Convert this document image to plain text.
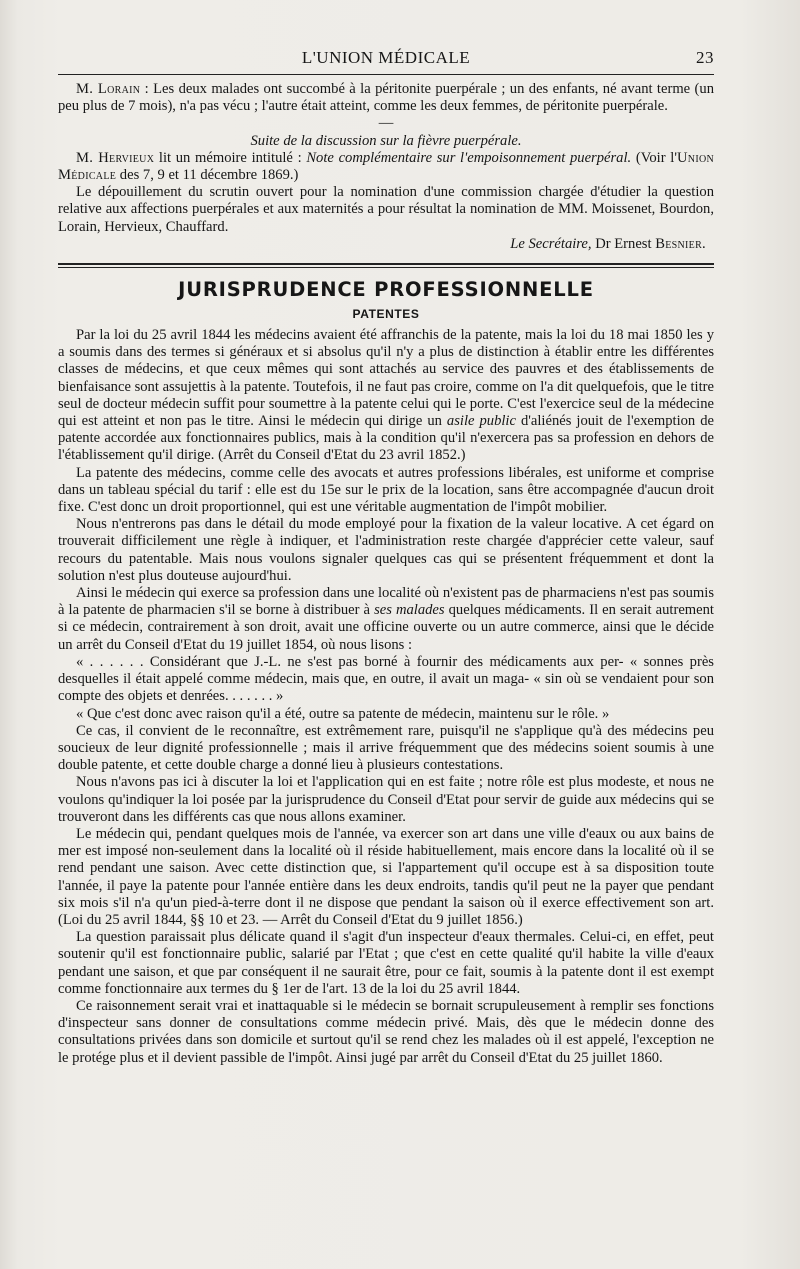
L'UNION MÉDICALE	23

M. Lorain : Les deux malades ont succombé à la péritonite puerpérale ; un des enfants, né avant terme (un peu plus de 7 mois), n'a pas vécu ; l'autre était atteint, comme les deux femmes, de péritonite puerpérale.

—

Suite de la discussion sur la fièvre puerpérale.

M. Hervieux lit un mémoire intitulé : Note complémentaire sur l'empoisonnement puerpéral. (Voir l'Union Médicale des 7, 9 et 11 décembre 1869.)

Le dépouillement du scrutin ouvert pour la nomination d'une commission chargée d'étudier la question relative aux affections puerpérales et aux maternités a pour résultat la nomination de MM. Moissenet, Bourdon, Lorain, Hervieux, Chauffard.

Le Secrétaire, Dr Ernest Besnier.

JURISPRUDENCE PROFESSIONNELLE
PATENTES

Par la loi du 25 avril 1844 les médecins avaient été affranchis de la patente, mais la loi du 18 mai 1850 les y a soumis dans des termes si généraux et si absolus qu'il n'y a plus de distinction à établir entre les différentes classes de médecins, et que ceux mêmes qui sont attachés au service des pauvres et des établissements de bienfaisance sont assujettis à la patente. Toutefois, il ne faut pas croire, comme on l'a dit quelquefois, que le titre seul de docteur médecin suffit pour soumettre à la patente celui qui le porte. C'est l'exercice seul de la médecine qui est atteint et non pas le titre. Ainsi le médecin qui dirige un asile public d'aliénés jouit de l'exemption de patente accordée aux fonctionnaires publics, mais à la condition qu'il n'exercera pas sa profession en dehors de l'établissement qu'il dirige. (Arrêt du Conseil d'Etat du 23 avril 1852.)

La patente des médecins, comme celle des avocats et autres professions libérales, est uniforme et comprise dans un tableau spécial du tarif : elle est du 15e sur le prix de la location, sans être accompagnée d'aucun droit fixe. C'est donc un droit proportionnel, qui est une véritable augmentation de l'impôt mobilier.

Nous n'entrerons pas dans le détail du mode employé pour la fixation de la valeur locative. A cet égard on trouverait difficilement une règle à indiquer, et l'administration reste chargée d'apprécier cette valeur, sauf recours du patentable. Mais nous voulons signaler quelques cas qui se présentent fréquemment et dont la solution n'est plus douteuse aujourd'hui.

Ainsi le médecin qui exerce sa profession dans une localité où n'existent pas de pharmaciens n'est pas soumis à la patente de pharmacien s'il se borne à distribuer à ses malades quelques médicaments. Il en serait autrement si ce médecin, contrairement à son droit, avait une officine ouverte ou un autre commerce, ainsi que le décide un arrêt du Conseil d'Etat du 19 juillet 1854, où nous lisons :

« . . . . . . Considérant que J.-L. ne s'est pas borné à fournir des médicaments aux per- « sonnes près desquelles il était appelé comme médecin, mais que, en outre, il avait un maga- « sin où se vendaient pour son compte des objets et denrées. . . . . . . »

« Que c'est donc avec raison qu'il a été, outre sa patente de médecin, maintenu sur le rôle. »

Ce cas, il convient de le reconnaître, est extrêmement rare, puisqu'il ne s'applique qu'à des médecins peu soucieux de leur dignité professionnelle ; mais il arrive fréquemment que des médecins soient soumis à une double patente, et cette double charge a donné lieu à plusieurs contestations.

Nous n'avons pas ici à discuter la loi et l'application qui en est faite ; notre rôle est plus modeste, et nous ne voulons qu'indiquer la loi posée par la jurisprudence du Conseil d'Etat pour servir de guide aux médecins qui se trouveront dans les différents cas que nous allons examiner.

Le médecin qui, pendant quelques mois de l'année, va exercer son art dans une ville d'eaux ou aux bains de mer est imposé non-seulement dans la localité où il réside habituellement, mais encore dans la localité où il se rend pendant une saison. Avec cette distinction que, si l'appartement qu'il occupe est à sa disposition toute l'année, il paye la patente pour l'année entière dans les deux endroits, tandis qu'il peut ne la payer que pendant six mois s'il n'a qu'un pied-à-terre dont il ne dispose que pendant la saison où il exerce effectivement son art. (Loi du 25 avril 1844, §§ 10 et 23. — Arrêt du Conseil d'Etat du 9 juillet 1856.)

La question paraissait plus délicate quand il s'agit d'un inspecteur d'eaux thermales. Celui-ci, en effet, peut soutenir qu'il est fonctionnaire public, salarié par l'Etat ; que c'est en cette qualité qu'il habite la ville d'eaux pendant une saison, et que par conséquent il ne saurait être, pour ce fait, soumis à la patente dont il est exempt comme fonctionnaire aux termes du § 1er de l'art. 13 de la loi du 25 avril 1844.

Ce raisonnement serait vrai et inattaquable si le médecin se bornait scrupuleusement à remplir ses fonctions d'inspecteur sans donner de consultations comme médecin privé. Mais, dès que le médecin donne des consultations privées dans son domicile et surtout qu'il se rend chez les malades où il est appelé, l'exception ne le protége plus et il devient passible de l'impôt. Ainsi jugé par arrêt du Conseil d'Etat du 25 juillet 1860.
